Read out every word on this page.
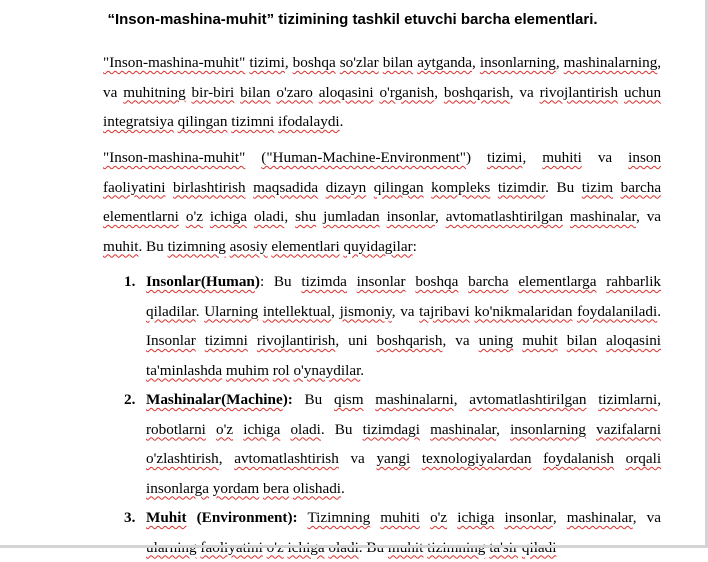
“Inson-mashina-muhit” tizimining tashkil etuvchi barcha elementlari.

"Inson-mashina-muhit" tizimi, boshqa so'zlar bilan aytganda, insonlarning, mashinalarning, va muhitning bir-biri bilan o'zaro aloqasini o'rganish, boshqarish, va rivojlantirish uchun integratsiya qilingan tizimni ifodalaydi.

"Inson-mashina-muhit" ("Human-Machine-Environment") tizimi, muhiti va inson faoliyatini birlashtirish maqsadida dizayn qilingan kompleks tizimdir. Bu tizim barcha elementlarni o'z ichiga oladi, shu jumladan insonlar, avtomatlashtirilgan mashinalar, va muhit. Bu tizimning asosiy elementlari quyidagilar:

1. Insonlar(Human): Bu tizimda insonlar boshqa barcha elementlarga rahbarlik qiladilar. Ularning intellektual, jismoniy, va tajribavi ko'nikmalaridan foydalaniladi. Insonlar tizimni rivojlantirish, uni boshqarish, va uning muhit bilan aloqasini ta'minlashda muhim rol o'ynaydilar.
2. Mashinalar(Machine): Bu qism mashinalarni, avtomatlashtirilgan tizimlarni, robotlarni o'z ichiga oladi. Bu tizimdagi mashinalar, insonlarning vazifalarni o'zlashtirish, avtomatlashtirish va yangi texnologiyalardan foydalanish orqali insonlarga yordam bera olishadi.
3. Muhit (Environment): Tizimning muhiti o'z ichiga insonlar, mashinalar, va
